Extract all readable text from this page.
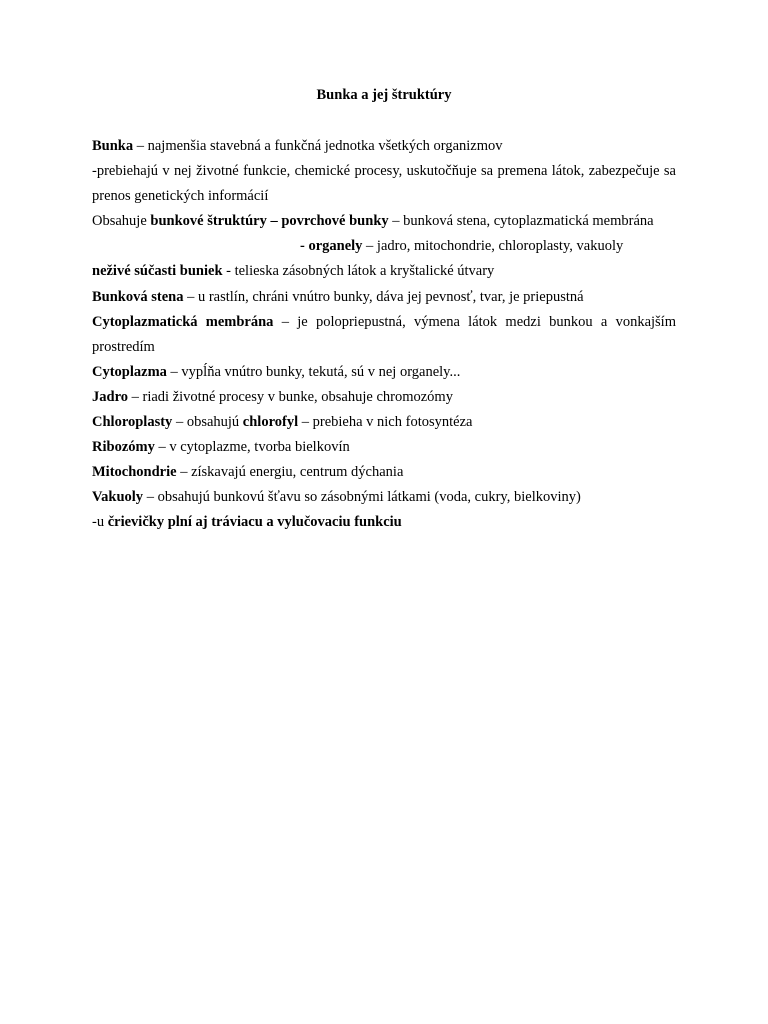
Bunka a jej štruktúry

Bunka – najmenšia stavebná a funkčná jednotka všetkých organizmov

-prebiehajú v nej životné funkcie, chemické procesy, uskutočňuje sa premena látok, zabezpečuje sa prenos genetických informácií

Obsahuje bunkové štruktúry – povrchové bunky – bunková stena, cytoplazmatická membrána

- organely – jadro, mitochondrie, chloroplasty, vakuoly

neživé súčasti buniek - telieska zásobných látok a kryštalické útvary

Bunková stena – u rastlín, chráni vnútro bunky, dáva jej pevnosť, tvar, je priepustná

Cytoplazmatická membrána – je polopriepustná, výmena látok medzi bunkou a vonkajším prostredím

Cytoplazma – vypĺňa vnútro bunky, tekutá, sú v nej organely...

Jadro – riadi životné procesy v bunke, obsahuje chromozómy

Chloroplasty – obsahujú chlorofyl – prebieha v nich fotosyntéza

Ribozómy – v cytoplazme, tvorba bielkovín

Mitochondrie – získavajú energiu, centrum dýchania

Vakuoly – obsahujú bunkovú šťavu so zásobnými látkami (voda, cukry, bielkoviny)

-u črievičky plní aj tráviacu a vylučovaciu funkciu
